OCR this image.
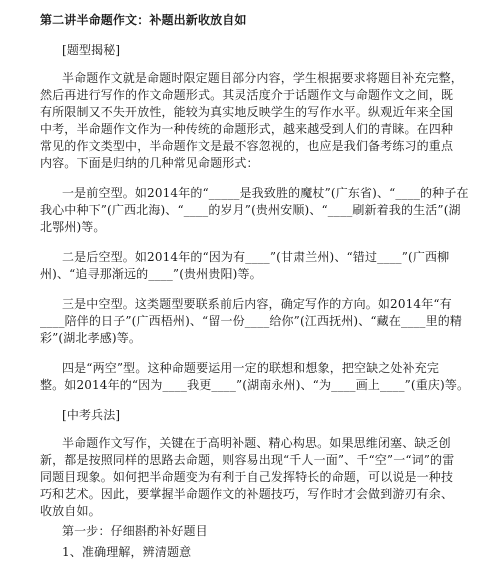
第二讲半命题作文：补题出新收放自如

[题型揭秘]

半命题作文就是命题时限定题目部分内容，学生根据要求将题目补充完整，

然后再进行写作的作文命题形式。其灵活度介于话题作文与命题作文之间，既

有所限制又不失开放性，能较为真实地反映学生的写作水平。纵观近年来全国

中考，半命题作文作为一种传统的命题形式，越来越受到人们的青睐。在四种

常见的作文类型中，半命题作文是最不容忽视的，也应是我们备考练习的重点

内容。下面是归纳的几种常见命题形式：

一是前空型。如2014年的“_____是我致胜的魔杖”(广东省)、“____的种子在

我心中种下”(广西北海)、“____的岁月”(贵州安顺)、“____刷新着我的生活”(湖

北鄂州)等。

二是后空型。如2014年的“因为有____”(甘肃兰州)、“错过____”(广西柳

州)、“追寻那渐远的____”(贵州贵阳)等。

三是中空型。这类题型要联系前后内容，确定写作的方向。如2014年“有

____陪伴的日子”(广西梧州)、“留一份____给你”(江西抚州)、“藏在____里的精

彩”(湖北孝感)等。

四是“两空”型。这种命题要运用一定的联想和想象，把空缺之处补充完

整。如2014年的“因为____我更____”(湖南永州)、“为____画上____”(重庆)等。

[中考兵法]

半命题作文写作，关键在于高明补题、精心构思。如果思维闭塞、缺乏创

新，都是按照同样的思路去命题，则容易出现“千人一面”、千“空”一“词”的雷

同题目现象。如何把半命题变为有利于自己发挥特长的命题，可以说是一种技

巧和艺术。因此，要掌握半命题作文的补题技巧，写作时才会做到游刃有余、

收放自如。

第一步：仔细斟酌补好题目

1、准确理解，辨清题意
